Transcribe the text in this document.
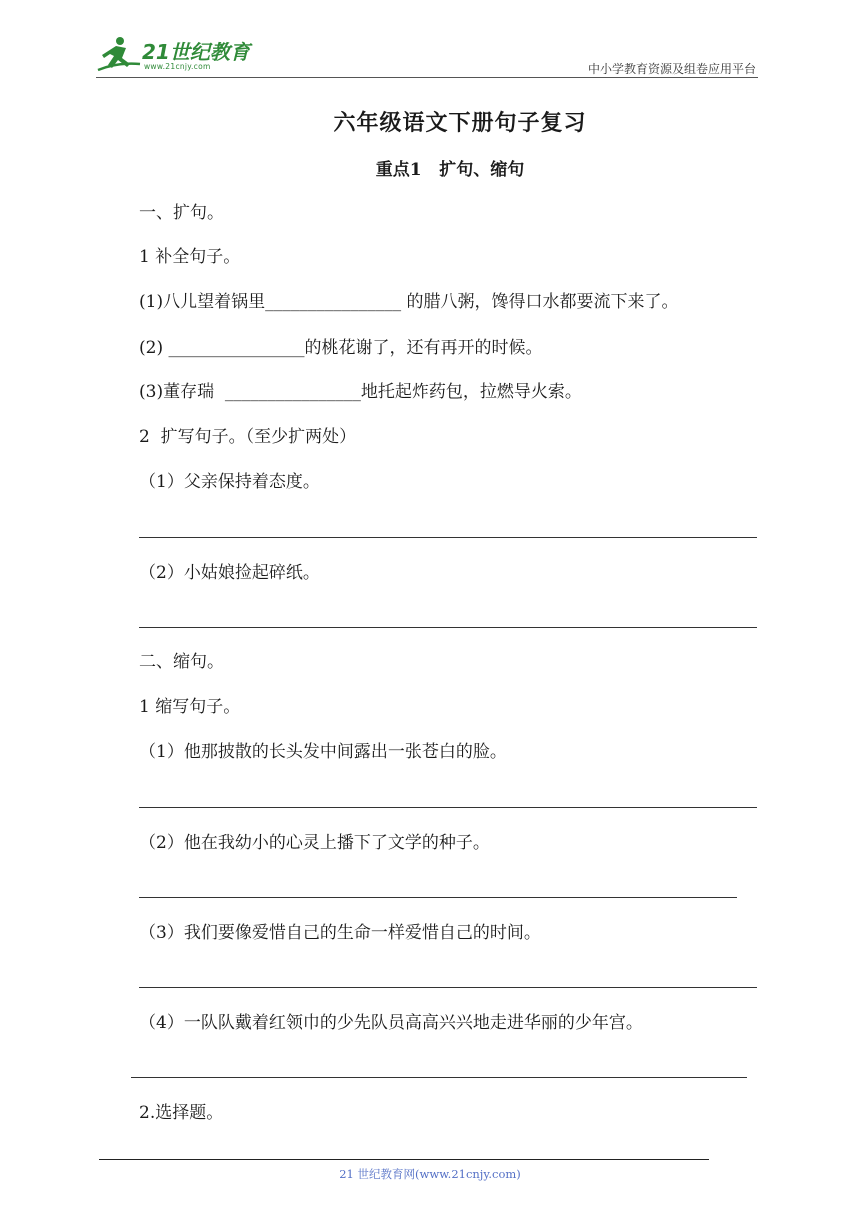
21世纪教育
www.21cnjy.com	中小学教育资源及组卷应用平台
六年级语文下册句子复习
重点1   扩句、缩句
一、扩句。
1 补全句子。
(1)八儿望着锅里________________ 的腊八粥，馋得口水都要流下来了。
(2) ________________的桃花谢了，还有再开的时候。
(3)董存瑞  ________________地托起炸药包，拉燃导火索。
2  扩写句子。（至少扩两处）
（1）父亲保持着态度。
（2）小姑娘捡起碎纸。
二、缩句。
1 缩写句子。
（1）他那披散的长头发中间露出一张苍白的脸。
（2）他在我幼小的心灵上播下了文学的种子。
（3）我们要像爱惜自己的生命一样爱惜自己的时间。
（4）一队队戴着红领巾的少先队员高高兴兴地走进华丽的少年宫。
2.选择题。
21 世纪教育网(www.21cnjy.com)
